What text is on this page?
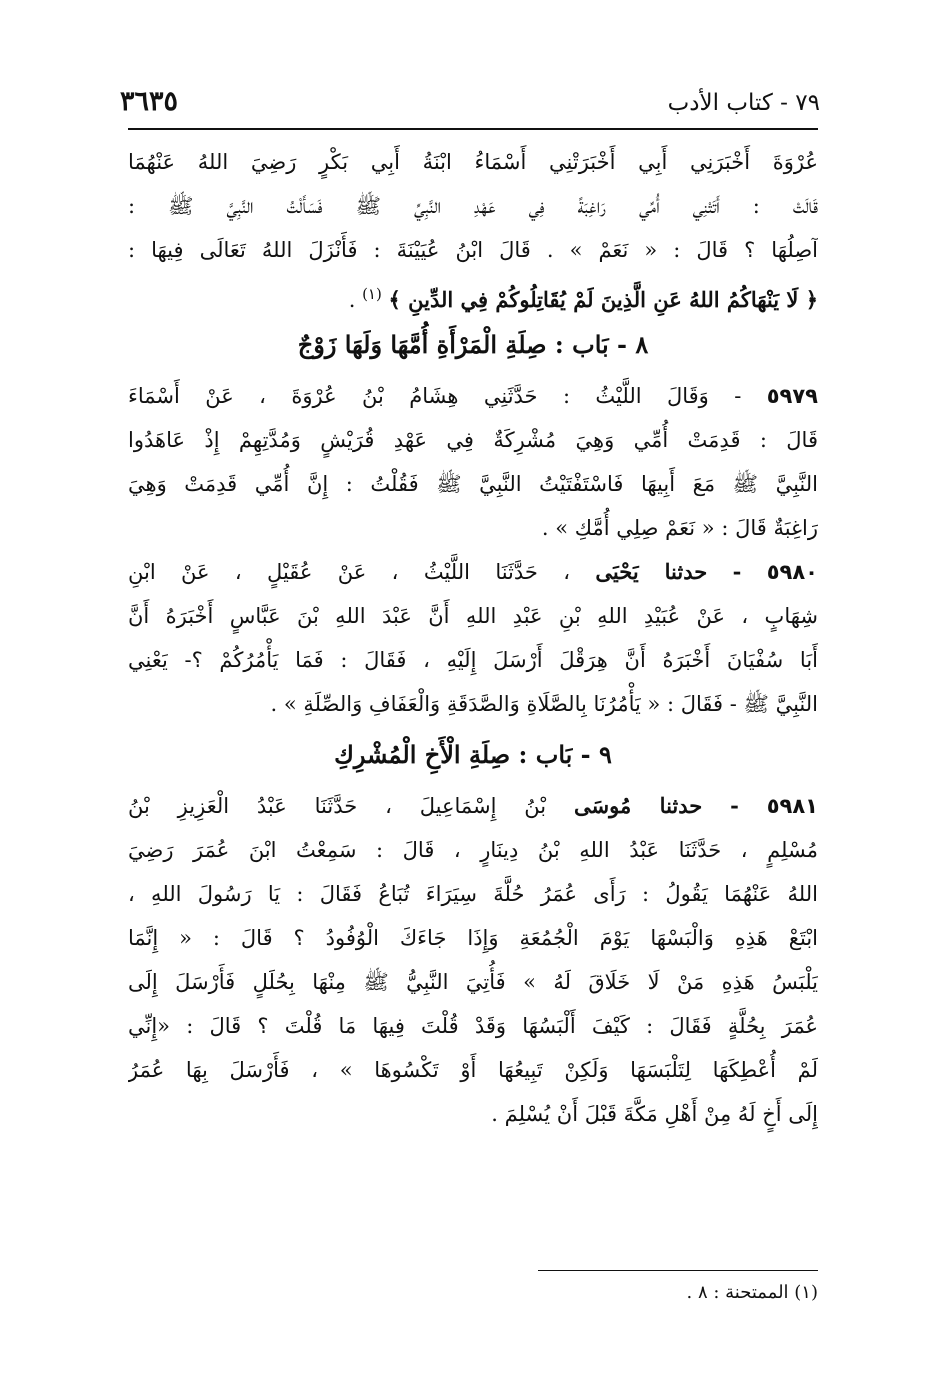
٧٩ - كتاب الأدب
٣٦٣٥
عُرْوَةَ أَخْبَرَنِي أَبِي أَخْبَرَتْنِي أَسْمَاءُ ابْنَةُ أَبِي بَكْرٍ رَضِيَ اللهُ عَنْهُمَا
قَالَتْ : أَتَتْنِي أُمِّي رَاغِبَةً فِي عَهْدِ النَّبِيِّ ﷺ فَسَأَلْتُ النَّبِيَّ ﷺ :
آصِلُهَا ؟ قَالَ : « نَعَمْ » . قَالَ ابْنُ عُيَيْنَةَ : فَأَنْزَلَ اللهُ تَعَالَى فِيهَا :
﴿ لَا يَنْهَاكُمُ اللهُ عَنِ الَّذِينَ لَمْ يُقَاتِلُوكُمْ فِي الدِّينِ ﴾ $^{(١)}$ .
٨ - بَاب : صِلَةِ الْمَرْأَةِ أُمَّهَا وَلَهَا زَوْجٌ
٥٩٧٩ - وَقَالَ اللَّيْثُ : حَدَّثَنِي هِشَامُ بْنُ عُرْوَةَ ، عَنْ أَسْمَاءَ
قَالَ : قَدِمَتْ أُمِّي وَهِيَ مُشْرِكَةٌ فِي عَهْدِ قُرَيْشٍ وَمُدَّتِهِمْ إِذْ عَاهَدُوا
النَّبِيَّ ﷺ مَعَ أَبِيهَا فَاسْتَفْتَيْتُ النَّبِيَّ ﷺ فَقُلْتُ : إِنَّ أُمِّي قَدِمَتْ وَهِيَ
رَاغِبَةٌ قَالَ : « نَعَمْ صِلِي أُمَّكِ » .
٥٩٨٠ - حدثنا يَحْيَى ، حَدَّثَنَا اللَّيْثُ ، عَنْ عُقَيْلٍ ، عَنْ ابْنِ
شِهَابٍ ، عَنْ عُبَيْدِ اللهِ بْنِ عَبْدِ اللهِ أَنَّ عَبْدَ اللهِ بْنَ عَبَّاسٍ أَخْبَرَهُ أَنَّ
أَبَا سُفْيَانَ أَخْبَرَهُ أَنَّ هِرَقْلَ أَرْسَلَ إِلَيْهِ ، فَقَالَ : فَمَا يَأْمُرُكُمْ ؟- يَعْنِي
النَّبِيَّ ﷺ - فَقَالَ : « يَأْمُرُنَا بِالصَّلَاةِ وَالصَّدَقَةِ وَالْعَفَافِ وَالصِّلَةِ » .
٩ - بَاب : صِلَةِ الْأَخِ الْمُشْرِكِ
٥٩٨١ - حدثنا مُوسَى بْنُ إِسْمَاعِيلَ ، حَدَّثَنَا عَبْدُ الْعَزِيزِ بْنُ
مُسْلِمٍ ، حَدَّثَنَا عَبْدُ اللهِ بْنُ دِينَارٍ ، قَالَ : سَمِعْتُ ابْنَ عُمَرَ رَضِيَ
اللهُ عَنْهُمَا يَقُولُ : رَأَى عُمَرُ حُلَّةَ سِيَرَاءَ تُبَاعُ فَقَالَ : يَا رَسُولَ اللهِ ،
ابْتَعْ هَذِهِ وَالْبَسْهَا يَوْمَ الْجُمُعَةِ وَإِذَا جَاءَكَ الْوُفُودُ ؟ قَالَ : « إِنَّمَا
يَلْبَسُ هَذِهِ مَنْ لَا خَلَاقَ لَهُ » فَأُتِيَ النَّبِيُّ ﷺ مِنْهَا بِحُلَلٍ فَأَرْسَلَ إِلَى
عُمَرَ بِحُلَّةٍ فَقَالَ : كَيْفَ أَلْبَسُهَا وَقَدْ قُلْتَ فِيهَا مَا قُلْتَ ؟ قَالَ : «إِنِّي
لَمْ أُعْطِكَهَا لِتَلْبَسَهَا وَلَكِنْ تَبِيعُهَا أَوْ تَكْسُوهَا » ، فَأَرْسَلَ بِهَا عُمَرُ
إِلَى أَخٍ لَهُ مِنْ أَهْلِ مَكَّةَ قَبْلَ أَنْ يُسْلِمَ .
(١) الممتحنة : ٨ .
